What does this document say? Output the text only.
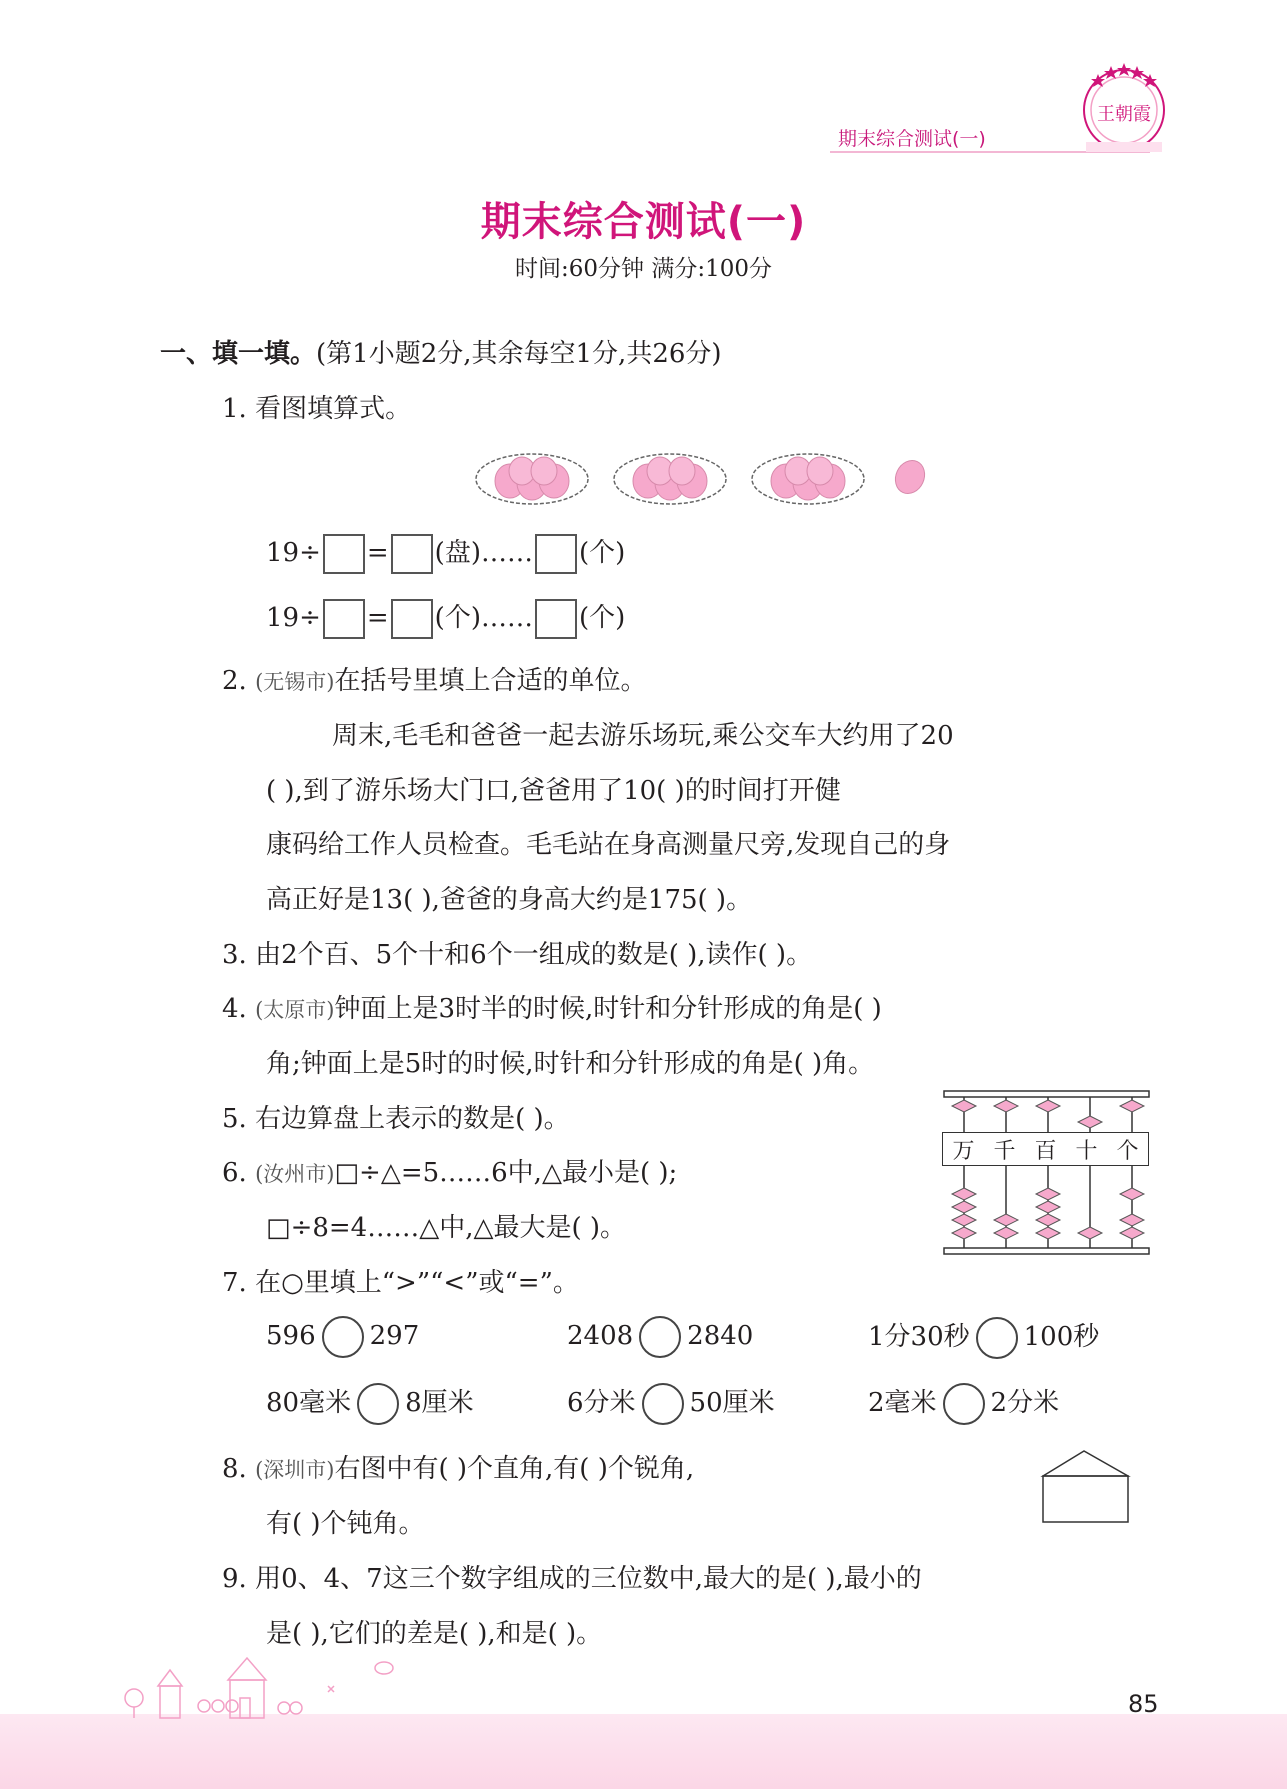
期末综合测试(一)
王朝霞
期末综合测试(一)
时间:60分钟 满分:100分
一、填一填。(第1小题2分,其余每空1分,共26分)
1. 看图填算式。
19÷ = (盘)…… (个)
19÷ = (个)…… (个)
2. (无锡市)在括号里填上合适的单位。
周末,毛毛和爸爸一起去游乐场玩,乘公交车大约用了20
( ),到了游乐场大门口,爸爸用了10( )的时间打开健
康码给工作人员检查。毛毛站在身高测量尺旁,发现自己的身
高正好是13( ),爸爸的身高大约是175( )。
3. 由2个百、5个十和6个一组成的数是( ),读作( )。
4. (太原市)钟面上是3时半的时候,时针和分针形成的角是( )
角;钟面上是5时的时候,时针和分针形成的角是( )角。
5. 右边算盘上表示的数是( )。
万 千 百 十 个
6. (汝州市)□÷△=5……6中,△最小是( );
□÷8=4……△中,△最大是( )。
7. 在○里填上“>”“<”或“=”。
596 297	2408 2840	1分30秒 100秒
80毫米 8厘米	6分米 50厘米	2毫米 2分米
8. (深圳市)右图中有( )个直角,有( )个锐角,
有( )个钝角。
9. 用0、4、7这三个数字组成的三位数中,最大的是( ),最小的
是( ),它们的差是( ),和是( )。
85
